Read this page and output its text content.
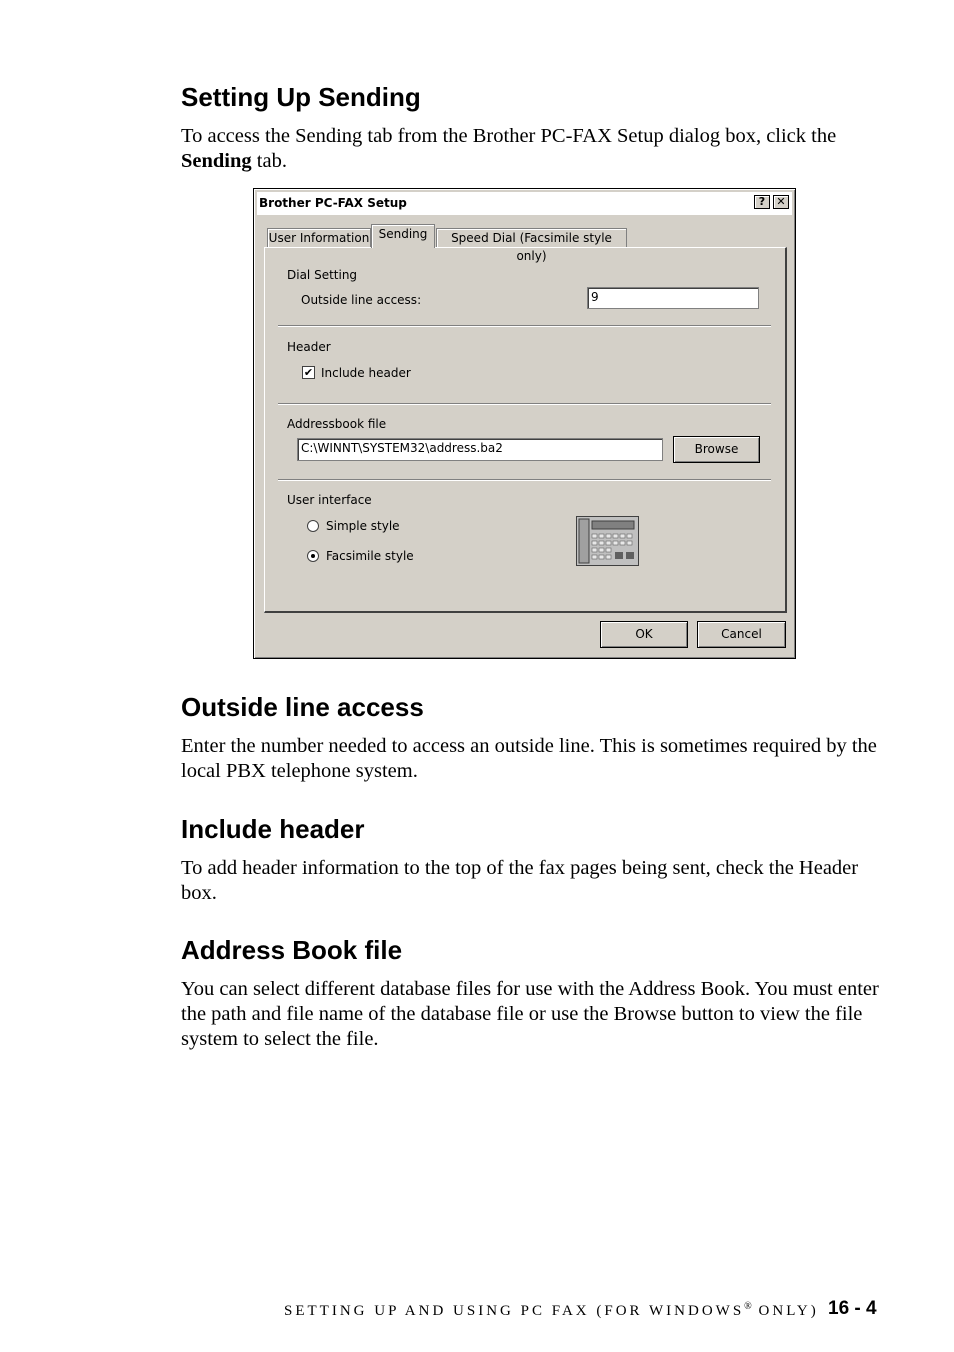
Setting Up Sending

To access the Sending tab from the Brother PC-FAX Setup dialog box, click the Sending tab.

Brother PC-FAX Setup	?	✕
User Information Sending	Speed Dial (Facsimile style only)
Dial Setting
Outside line access:	9
Header
✔ Include header
Addressbook file
C:\WINNT\SYSTEM32\address.ba2	Browse
User interface
Simple style
Facsimile style
OK	Cancel
Outside line access

Enter the number needed to access an outside line. This is sometimes required by the local PBX telephone system.

Include header

To add header information to the top of the fax pages being sent, check the Header box.

Address Book file

You can select different database files for use with the Address Book. You must enter the path and file name of the database file or use the Browse button to view the file system to select the file.

SETTING UP AND USING PC FAX (FOR WINDOWS® ONLY) 16 - 4
